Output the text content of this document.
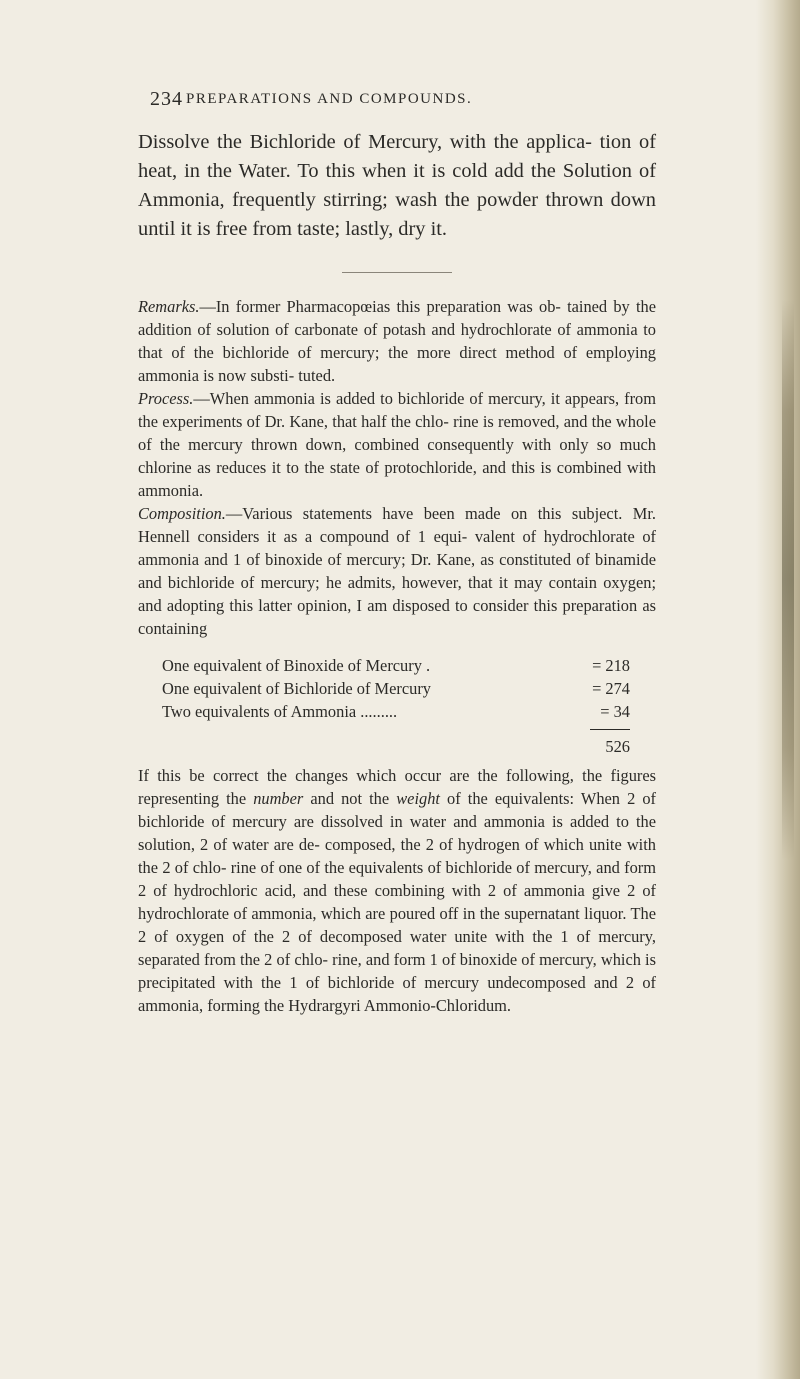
234 PREPARATIONS AND COMPOUNDS.

Dissolve the Bichloride of Mercury, with the applica- tion of heat, in the Water. To this when it is cold add the Solution of Ammonia, frequently stirring; wash the powder thrown down until it is free from taste; lastly, dry it.

Remarks.—In former Pharmacopœias this preparation was ob- tained by the addition of solution of carbonate of potash and hydrochlorate of ammonia to that of the bichloride of mercury; the more direct method of employing ammonia is now substi- tuted.

Process.—When ammonia is added to bichloride of mercury, it appears, from the experiments of Dr. Kane, that half the chlo- rine is removed, and the whole of the mercury thrown down, combined consequently with only so much chlorine as reduces it to the state of protochloride, and this is combined with ammonia.

Composition.—Various statements have been made on this subject. Mr. Hennell considers it as a compound of 1 equi- valent of hydrochlorate of ammonia and 1 of binoxide of mercury; Dr. Kane, as constituted of binamide and bichloride of mercury; he admits, however, that it may contain oxygen; and adopting this latter opinion, I am disposed to consider this preparation as containing

One equivalent of Binoxide of Mercury .	= 218
One equivalent of Bichloride of Mercury	= 274
Two equivalents of Ammonia .........	= 34
526

If this be correct the changes which occur are the following, the figures representing the number and not the weight of the equivalents: When 2 of bichloride of mercury are dissolved in water and ammonia is added to the solution, 2 of water are de- composed, the 2 of hydrogen of which unite with the 2 of chlo- rine of one of the equivalents of bichloride of mercury, and form 2 of hydrochloric acid, and these combining with 2 of ammonia give 2 of hydrochlorate of ammonia, which are poured off in the supernatant liquor. The 2 of oxygen of the 2 of decomposed water unite with the 1 of mercury, separated from the 2 of chlo- rine, and form 1 of binoxide of mercury, which is precipitated with the 1 of bichloride of mercury undecomposed and 2 of ammonia, forming the Hydrargyri Ammonio-Chloridum.
